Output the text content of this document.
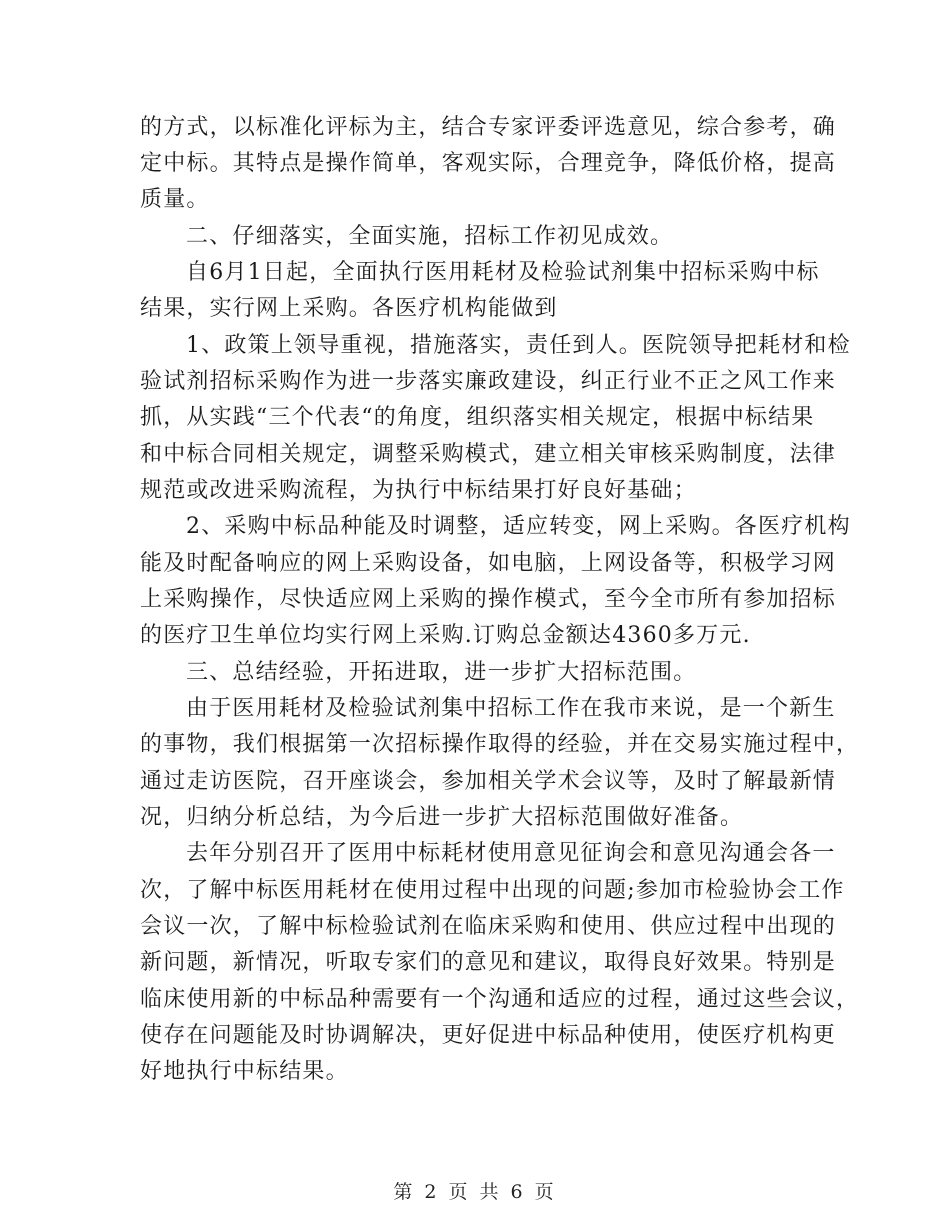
的方式，以标准化评标为主，结合专家评委评选意见，综合参考，确
定中标。其特点是操作简单，客观实际，合理竞争，降低价格，提高
质量。
二、仔细落实，全面实施，招标工作初见成效。
自6月1日起，全面执行医用耗材及检验试剂集中招标采购中标
结果，实行网上采购。各医疗机构能做到
1、政策上领导重视，措施落实，责任到人。医院领导把耗材和检
验试剂招标采购作为进一步落实廉政建设，纠正行业不正之风工作来
抓，从实践“三个代表“的角度，组织落实相关规定，根据中标结果
和中标合同相关规定，调整采购模式，建立相关审核采购制度，法律
规范或改进采购流程，为执行中标结果打好良好基础；
2、采购中标品种能及时调整，适应转变，网上采购。各医疗机构
能及时配备响应的网上采购设备，如电脑，上网设备等，积极学习网
上采购操作，尽快适应网上采购的操作模式，至今全市所有参加招标
的医疗卫生单位均实行网上采购.订购总金额达4360多万元.
三、总结经验，开拓进取，进一步扩大招标范围。
由于医用耗材及检验试剂集中招标工作在我市来说，是一个新生
的事物，我们根据第一次招标操作取得的经验，并在交易实施过程中，
通过走访医院，召开座谈会，参加相关学术会议等，及时了解最新情
况，归纳分析总结，为今后进一步扩大招标范围做好准备。
去年分别召开了医用中标耗材使用意见征询会和意见沟通会各一
次，了解中标医用耗材在使用过程中出现的问题;参加市检验协会工作
会议一次，了解中标检验试剂在临床采购和使用、供应过程中出现的
新问题，新情况，听取专家们的意见和建议，取得良好效果。特别是
临床使用新的中标品种需要有一个沟通和适应的过程，通过这些会议，
使存在问题能及时协调解决，更好促进中标品种使用，使医疗机构更
好地执行中标结果。
第 2 页 共 6 页
